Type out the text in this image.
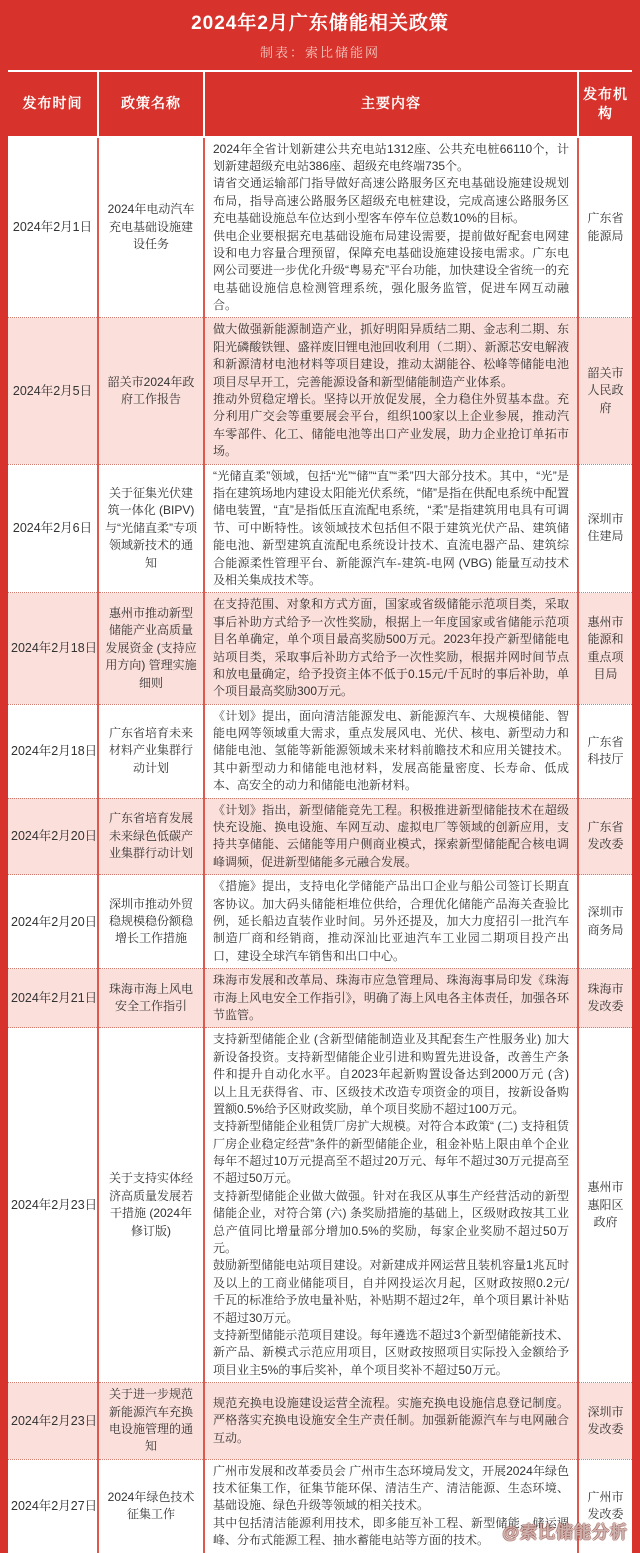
2024年2月广东储能相关政策
制表：索比储能网
发布时间	政策名称	主要内容	发布机构
2024年2月1日	2024年电动汽车充电基础设施建设任务	2024年全省计划新建公共充电站1312座、公共充电桩66110个，计划新建超级充电站386座、超级充电终端735个。

请省交通运输部门指导做好高速公路服务区充电基础设施建设规划布局，指导高速公路服务区超级充电桩建设，完成高速公路服务区充电基础设施总车位达到小型客车停车位总数10%的目标。

供电企业要根据充电基础设施布局建设需要，提前做好配套电网建设和电力容量合理预留，保障充电基础设施建设接电需求。广东电网公司要进一步优化升级“粤易充”平台功能，加快建设全省统一的充电基础设施信息检测管理系统，强化服务监管，促进车网互动融合。	广东省能源局
2024年2月5日	韶关市2024年政府工作报告	做大做强新能源制造产业，抓好明阳异质结二期、金志利二期、东阳光磷酸铁锂、盛祥废旧锂电池回收利用（二期）、新源芯安电解液和新源清材电池材料等项目建设，推动太湖能谷、松峰等储能电池项目尽早开工，完善能源设备和新型储能制造产业体系。

推动外贸稳定增长。坚持以开放促发展，全力稳住外贸基本盘。充分利用广交会等重要展会平台，组织100家以上企业参展，推动汽车零部件、化工、储能电池等出口产业发展，助力企业抢订单拓市场。	韶关市人民政府
2024年2月6日	关于征集光伏建筑一体化 (BIPV) 与“光储直柔”专项领域新技术的通知	“光储直柔”领域，包括“光”“储”“直”“柔”四大部分技术。其中，“光”是指在建筑场地内建设太阳能光伏系统，“储”是指在供配电系统中配置储电装置，“直”是指低压直流配电系统，“柔”是指建筑用电具有可调节、可中断特性。该领域技术包括但不限于建筑光伏产品、建筑储能电池、新型建筑直流配电系统设计技术、直流电器产品、建筑综合能源柔性管理平台、新能源汽车-建筑-电网 (VBG) 能量互动技术及相关集成技术等。	深圳市住建局
2024年2月18日	惠州市推动新型储能产业高质量发展资金 (支持应用方向) 管理实施细则	在支持范围、对象和方式方面，国家或省级储能示范项目类，采取事后补助方式给予一次性奖励，根据上一年度国家或省储能示范项目名单确定，单个项目最高奖励500万元。2023年投产新型储能电站项目类，采取事后补助方式给予一次性奖励，根据并网时间节点和放电量确定，给予投资主体不低于0.15元/千瓦时的事后补助，单个项目最高奖励300万元。	惠州市能源和重点项目局
2024年2月18日	广东省培育未来材料产业集群行动计划	《计划》提出，面向清洁能源发电、新能源汽车、大规模储能、智能电网等领域重大需求，重点发展风电、光伏、核电、新型动力和储能电池、氢能等新能源领域未来材料前瞻技术和应用关键技术。其中新型动力和储能电池材料，发展高能量密度、长寿命、低成本、高安全的动力和储能电池新材料。	广东省科技厅
2024年2月20日	广东省培育发展未来绿色低碳产业集群行动计划	《计划》指出，新型储能竞先工程。积极推进新型储能技术在超级快充设施、换电设施、车网互动、虚拟电厂等领域的创新应用，支持共享储能、云储能等用户侧商业模式，探索新型储能配合核电调峰调频，促进新型储能多元融合发展。	广东省发改委
2024年2月20日	深圳市推动外贸稳规模稳份额稳增长工作措施	《措施》提出，支持电化学储能产品出口企业与船公司签订长期直客协议。加大码头储能柜堆位供给，合理优化储能产品海关查验比例，延长船边直装作业时间。另外还提及，加大力度招引一批汽车制造厂商和经销商，推动深汕比亚迪汽车工业园二期项目投产出口，建设全球汽车销售和出口中心。	深圳市商务局
2024年2月21日	珠海市海上风电安全工作指引	珠海市发展和改革局、珠海市应急管理局、珠海海事局印发《珠海市海上风电安全工作指引》，明确了海上风电各主体责任，加强各环节监管。	珠海市发改委
2024年2月23日	关于支持实体经济高质量发展若干措施 (2024年修订版)	支持新型储能企业 (含新型储能制造业及其配套生产性服务业) 加大新设备投资。支持新型储能企业引进和购置先进设备，改善生产条件和提升自动化水平。自2023年起新购置设备达到2000万元 (含) 以上且无获得省、市、区级技术改造专项资金的项目，按新设备购置额0.5%给予区财政奖励，单个项目奖励不超过100万元。

支持新型储能企业租赁厂房扩大规模。对符合本政策“ (二) 支持租赁厂房企业稳定经营”条件的新型储能企业，租金补贴上限由单个企业每年不超过10万元提高至不超过20万元、每年不超过30万元提高至不超过50万元。

支持新型储能企业做大做强。针对在我区从事生产经营活动的新型储能企业，对符合第 (六) 条奖励措施的基础上，区级财政按其工业总产值同比增量部分增加0.5%的奖励，每家企业奖励不超过50万元。

鼓励新型储能电站项目建设。对新建成并网运营且装机容量1兆瓦时及以上的工商业储能项目，自并网投运次月起，区财政按照0.2元/千瓦的标准给予放电量补贴，补贴期不超过2年，单个项目累计补贴不超过30万元。

支持新型储能示范项目建设。每年遴选不超过3个新型储能新技术、新产品、新模式示范应用项目，区财政按照项目实际投入金额给予项目业主5%的事后奖补，单个项目奖补不超过50万元。	惠州市惠阳区政府
2024年2月23日	关于进一步规范新能源汽车充换电设施管理的通知	规范充换电设施建设运营全流程。实施充换电设施信息登记制度。严格落实充换电设施安全生产责任制。加强新能源汽车与电网融合互动。	深圳市发改委
2024年2月27日	2024年绿色技术征集工作	广州市发展和改革委员会 广州市生态环境局发文，开展2024年绿色技术征集工作，征集节能环保、清洁生产、清洁能源、生态环境、基础设施、绿色升级等领域的相关技术。

其中包括清洁能源利用技术，即多能互补工程、新型储能、储运调峰、分布式能源工程、抽水蓄能电站等方面的技术。	广州市发改委
@索比储能分析
